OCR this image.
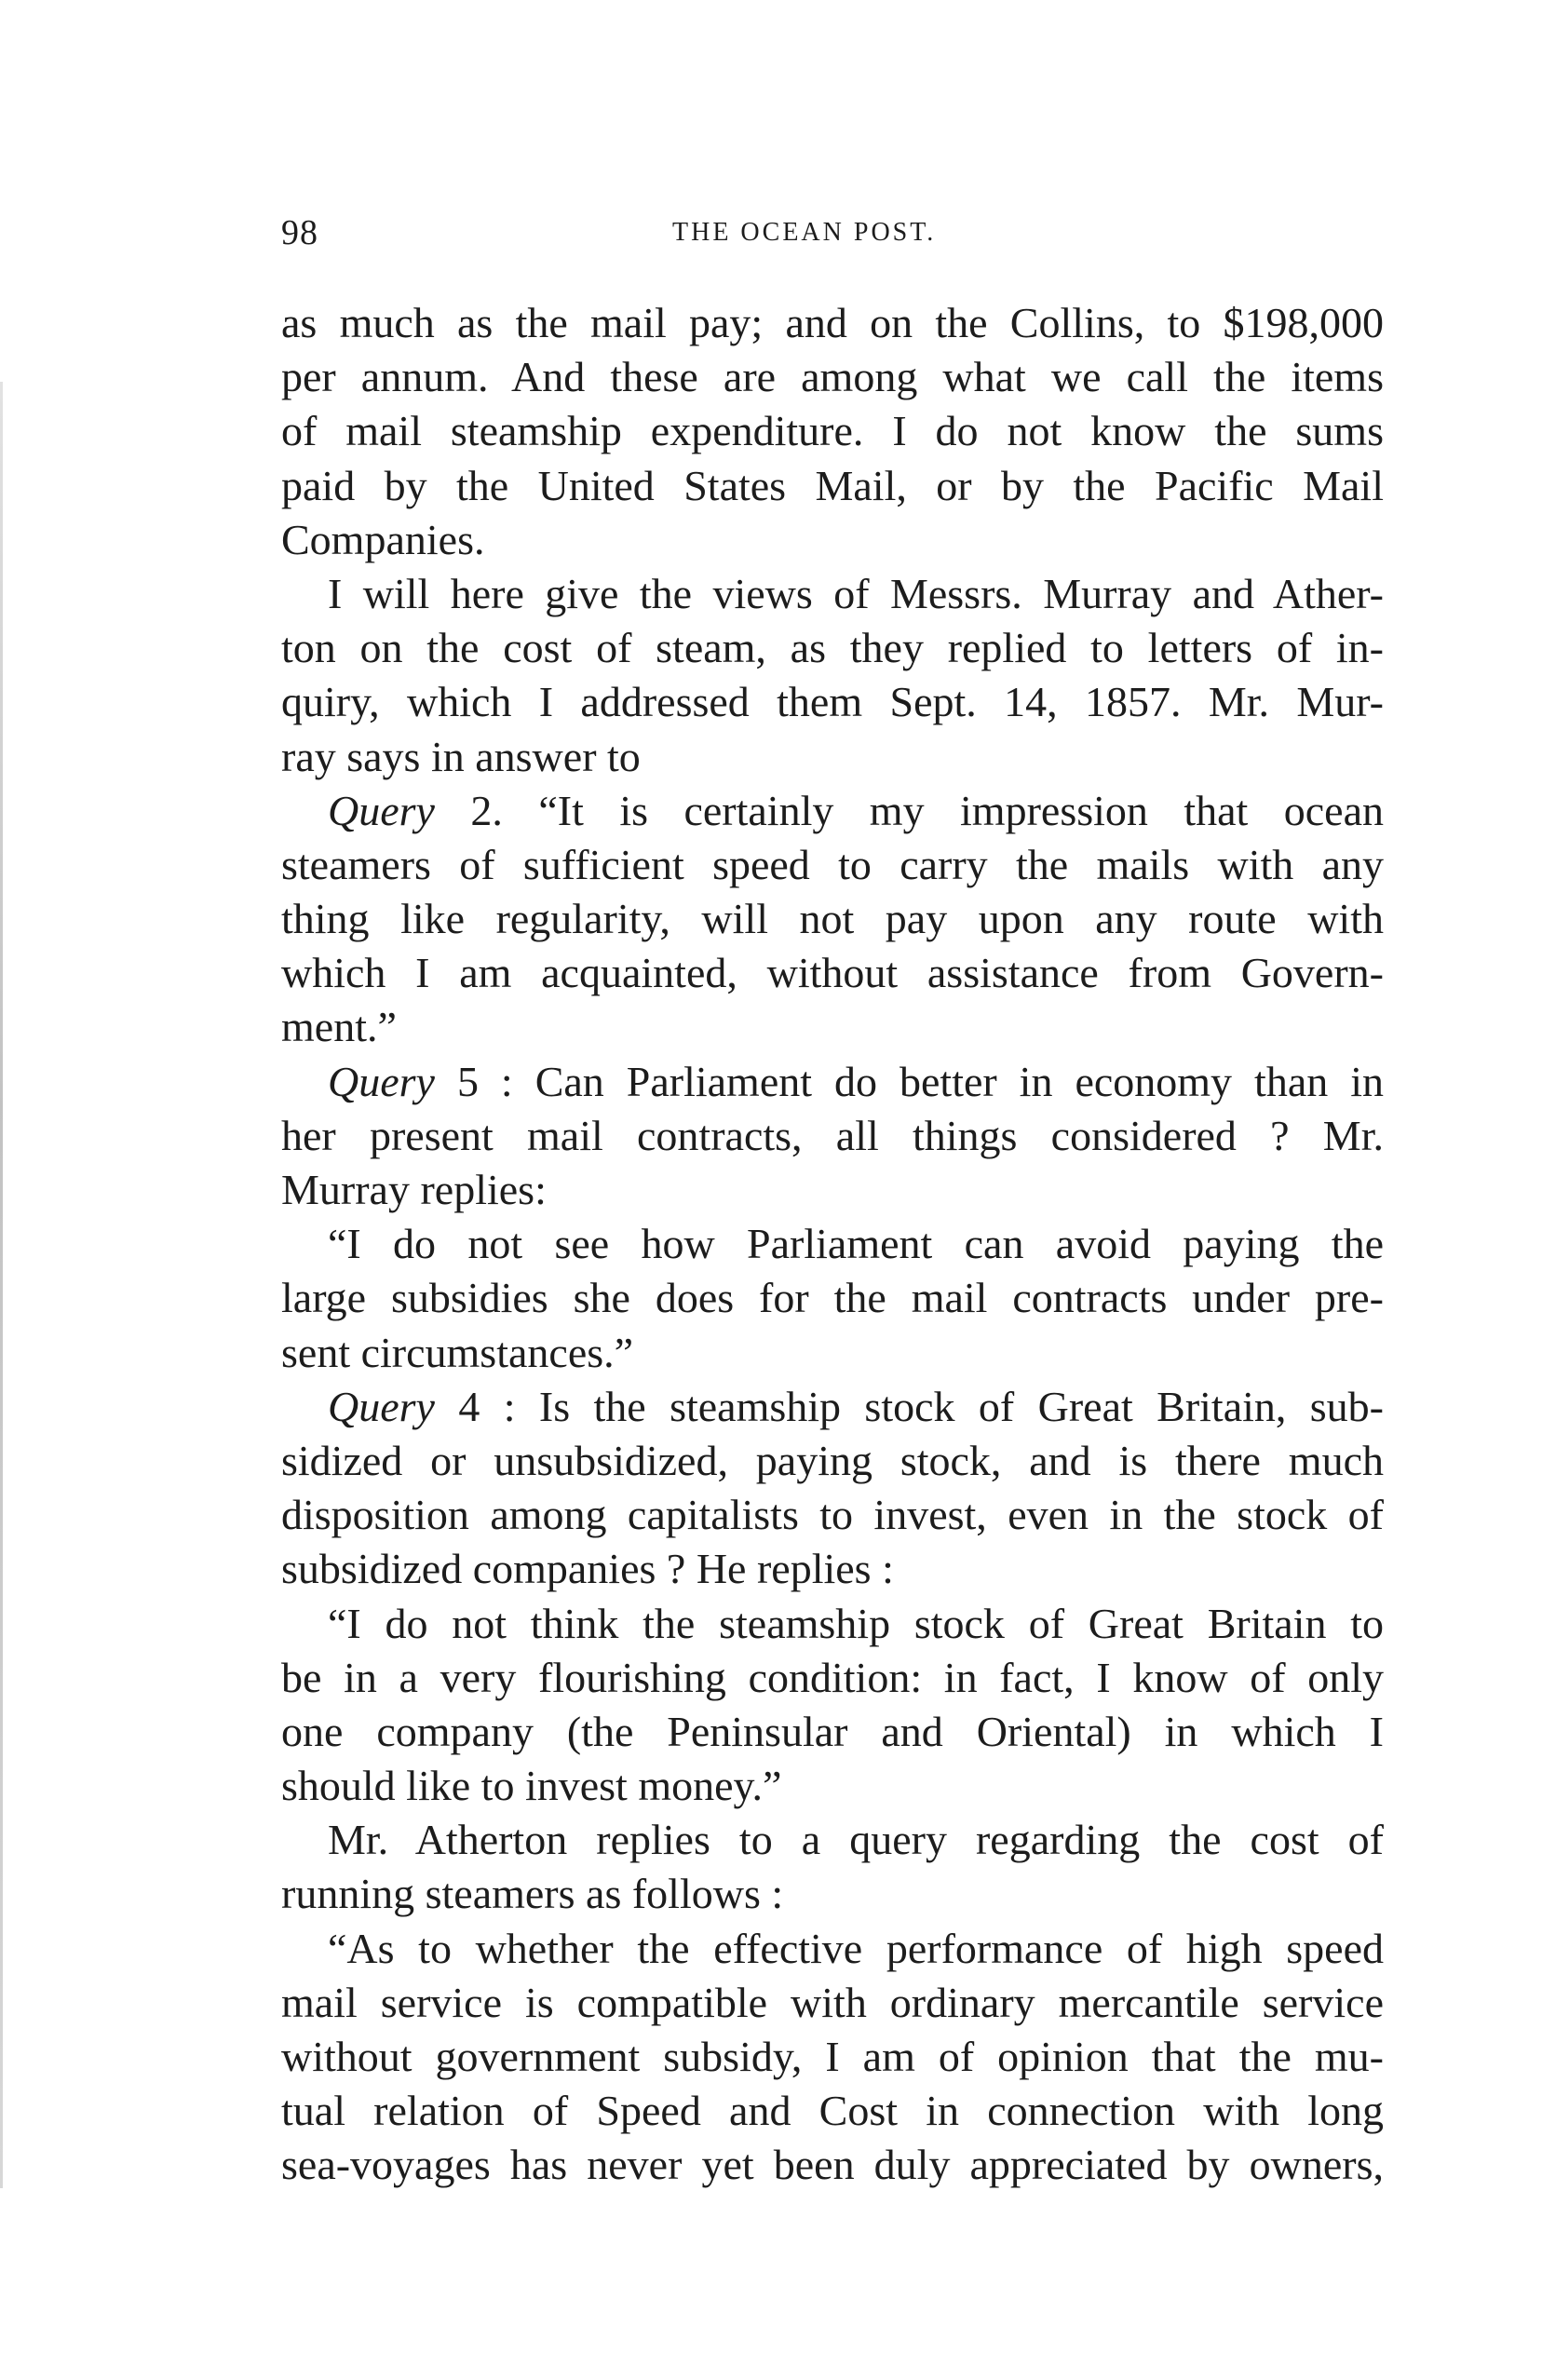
98	THE OCEAN POST.
as much as the mail pay; and on the Collins, to $198,000
per annum. And these are among what we call the items
of mail steamship expenditure. I do not know the sums
paid by the United States Mail, or by the Pacific Mail
Companies.
I will here give the views of Messrs. Murray and Ather-
ton on the cost of steam, as they replied to letters of in-
quiry, which I addressed them Sept. 14, 1857. Mr. Mur-
ray says in answer to
Query 2. “It is certainly my impression that ocean
steamers of sufficient speed to carry the mails with any
thing like regularity, will not pay upon any route with
which I am acquainted, without assistance from Govern-
ment.”
Query 5 : Can Parliament do better in economy than in
her present mail contracts, all things considered ? Mr.
Murray replies:
“I do not see how Parliament can avoid paying the
large subsidies she does for the mail contracts under pre-
sent circumstances.”
Query 4 : Is the steamship stock of Great Britain, sub-
sidized or unsubsidized, paying stock, and is there much
disposition among capitalists to invest, even in the stock of
subsidized companies ? He replies :
“I do not think the steamship stock of Great Britain to
be in a very flourishing condition: in fact, I know of only
one company (the Peninsular and Oriental) in which I
should like to invest money.”
Mr. Atherton replies to a query regarding the cost of
running steamers as follows :
“As to whether the effective performance of high speed
mail service is compatible with ordinary mercantile service
without government subsidy, I am of opinion that the mu-
tual relation of Speed and Cost in connection with long
sea-voyages has never yet been duly appreciated by owners,
